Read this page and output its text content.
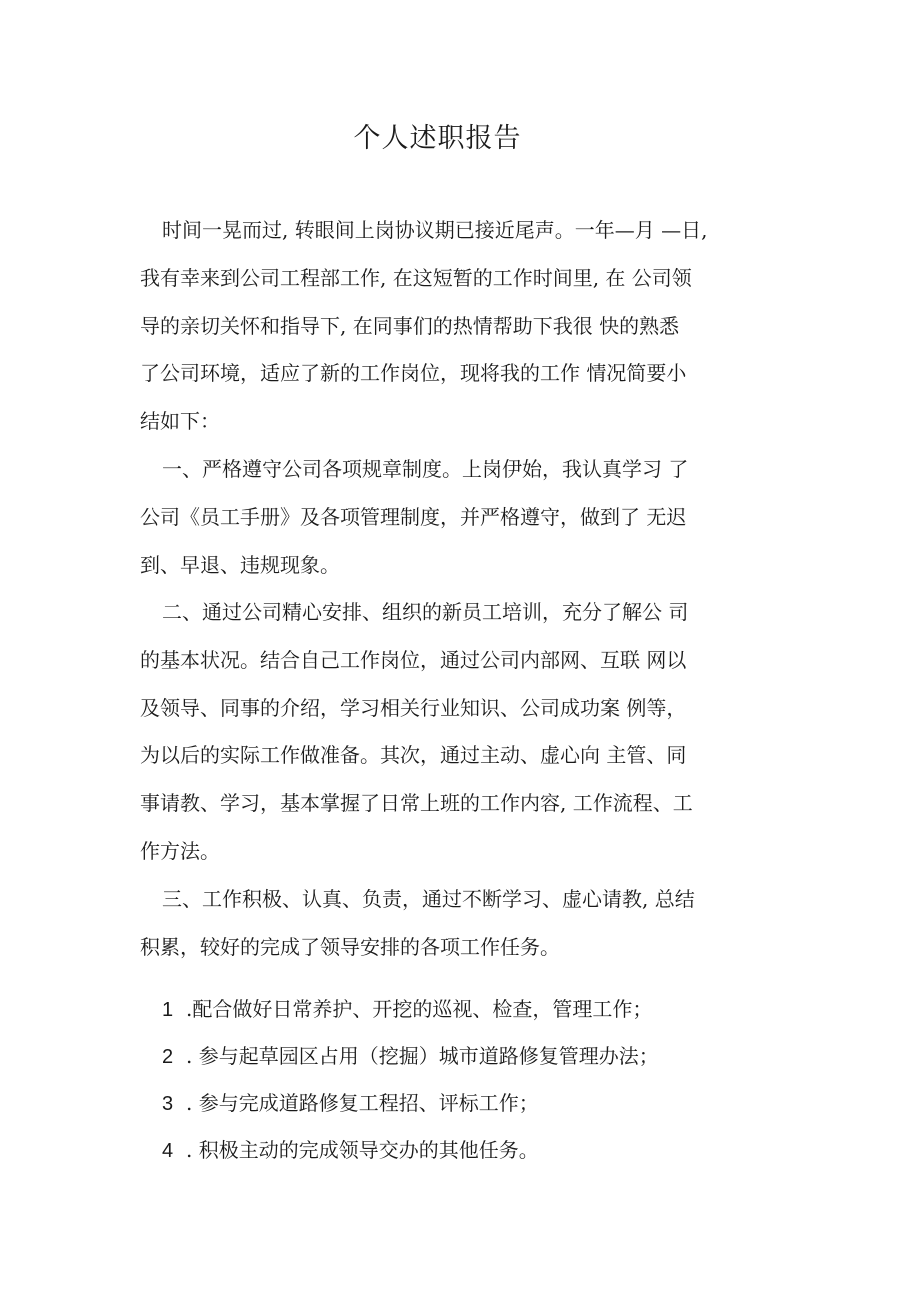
个人述职报告
时间一晃而过, 转眼间上岗协议期已接近尾声。一年—月 —日,
我有幸来到公司工程部工作, 在这短暂的工作时间里, 在 公司领
导的亲切关怀和指导下, 在同事们的热情帮助下我很 快的熟悉
了公司环境，适应了新的工作岗位，现将我的工作 情况简要小
结如下：
一、严格遵守公司各项规章制度。上岗伊始，我认真学习 了
公司《员工手册》及各项管理制度，并严格遵守，做到了 无迟
到、早退、违规现象。
二、通过公司精心安排、组织的新员工培训，充分了解公 司
的基本状况。结合自己工作岗位，通过公司内部网、互联 网以
及领导、同事的介绍，学习相关行业知识、公司成功案 例等，
为以后的实际工作做准备。其次，通过主动、虚心向 主管、同
事请教、学习，基本掌握了日常上班的工作内容, 工作流程、工
作方法。
三、工作积极、认真、负责，通过不断学习、虚心请教, 总结
积累，较好的完成了领导安排的各项工作任务。
1 .配合做好日常养护、开挖的巡视、检查，管理工作；
2 . 参与起草园区占用（挖掘）城市道路修复管理办法；
3 . 参与完成道路修复工程招、评标工作；
4 . 积极主动的完成领导交办的其他任务。
